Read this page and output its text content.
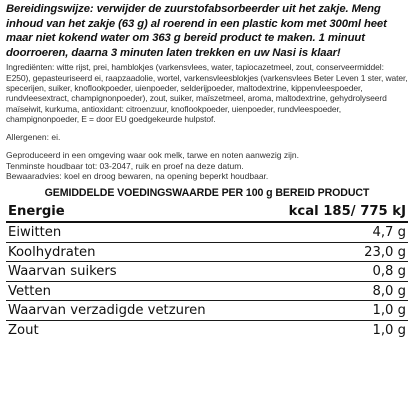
Bereidingswijze: verwijder de zuurstofabsorbeerder uit het zakje. Meng inhoud van het zakje (63 g) al roerend in een plastic kom met 300ml heet maar niet kokend water om 363 g bereid product te maken. 1 minuut doorroeren, daarna 3 minuten laten trekken en uw Nasi is klaar!

Ingrediënten: witte rijst, prei, hamblokjes (varkensvlees, water, tapiocazetmeel, zout, conserveermiddel: E250), gepasteuriseerd ei, raapzaadolie, wortel, varkensvleesblokjes (varkensvlees Beter Leven 1 ster, water, specerijen, suiker, knoflookpoeder, uienpoeder, selderijpoeder, maltodextrine, kippenvleespoeder, rundvleesextract, champignonpoeder), zout, suiker, maïszetmeel, aroma, maltodextrine, gehydrolyseerd maïseiwit, kurkuma, antioxidant: citroenzuur, knoflookpoeder, uienpoeder, rundvleespoeder, champignonpoeder, E = door EU goedgekeurde hulpstof.

Allergenen: ei.

Geproduceerd in een omgeving waar ook melk, tarwe en noten aanwezig zijn.

Tenminste houdbaar tot: 03-2047, ruik en proef na deze datum.

Bewaaradvies: koel en droog bewaren, na opening beperkt houdbaar.

GEMIDDELDE VOEDINGSWAARDE PER 100 g BEREID PRODUCT
Energie	kcal 185/ 775 kJ
Eiwitten	4,7 g
Koolhydraten	23,0 g
Waarvan suikers	0,8 g
Vetten	8,0 g
Waarvan verzadigde vetzuren	1,0 g
Zout	1,0 g
